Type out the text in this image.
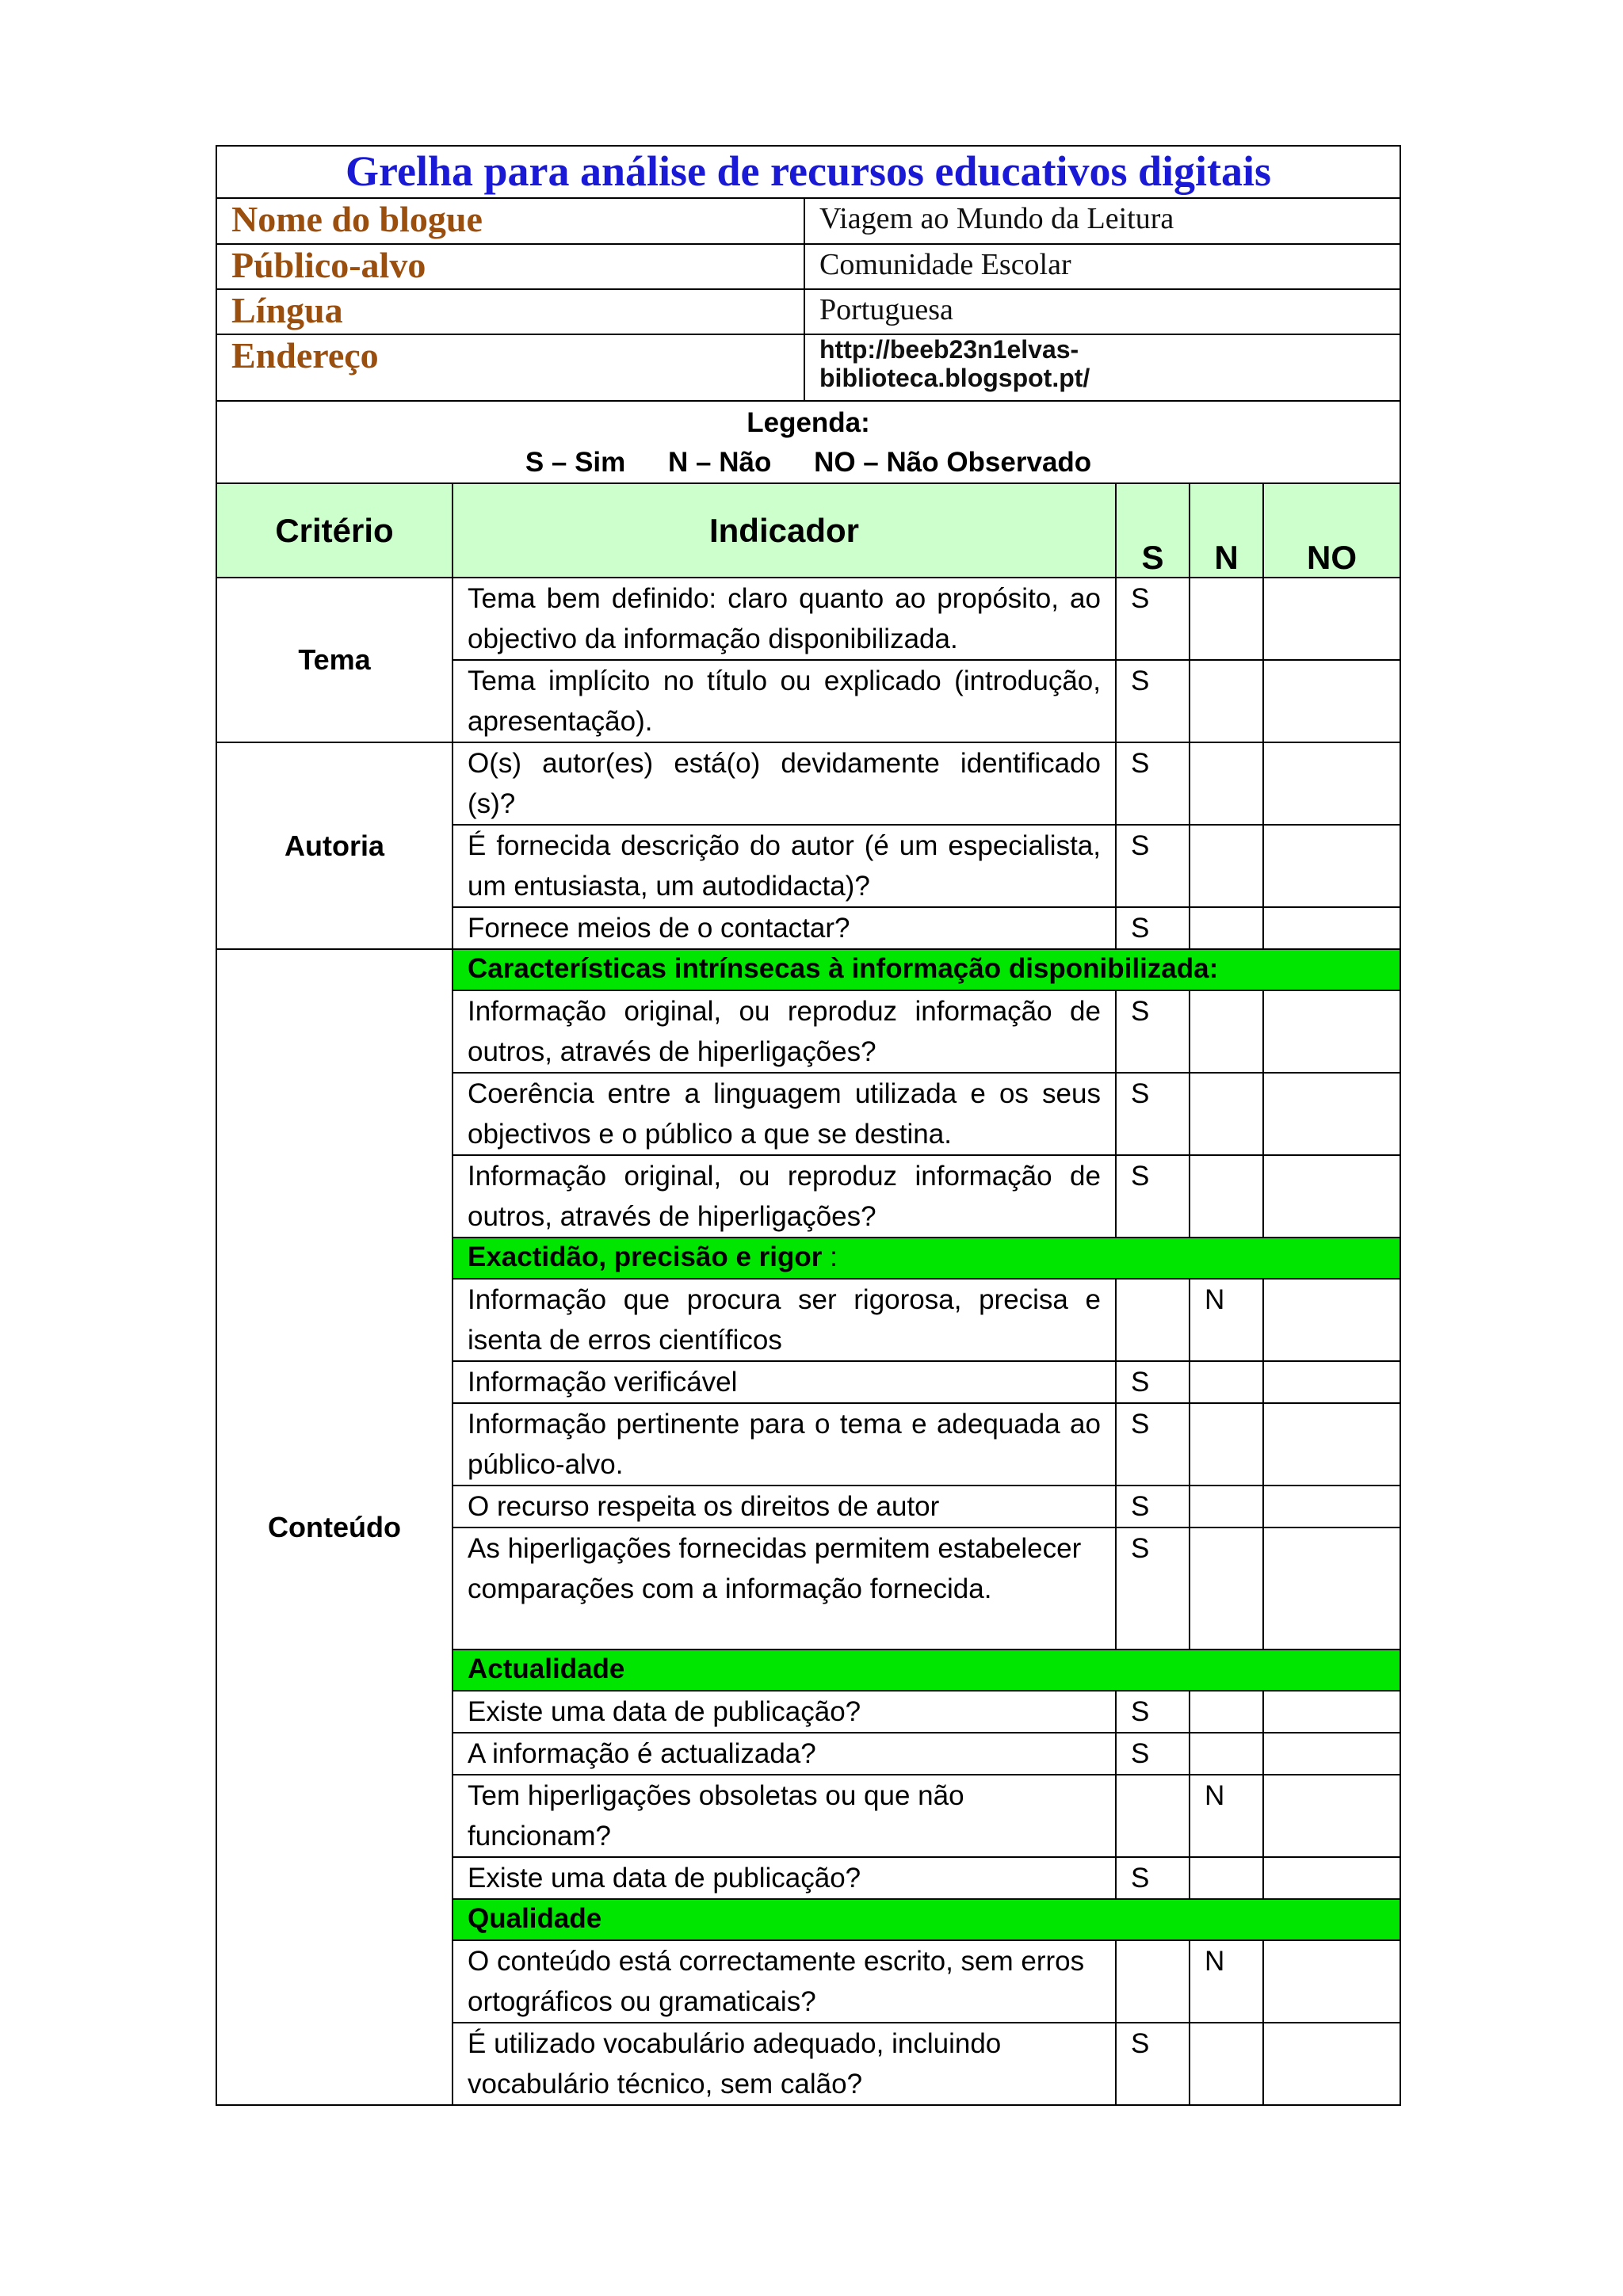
Grelha para análise de recursos educativos digitais	
Nome do blogue	Viagem ao Mundo da Leitura
Público-alvo	Comunidade Escolar
Língua	Portuguesa
Endereço	http://beeb23n1elvas-
biblioteca.blogspot.pt/

Legenda:
S – Sim N – Não NO – Não Observado	
Critério	Indicador	S	N	NO
Tema	Tema bem definido: claro quanto ao propósito, ao objectivo da informação disponibilizada.	S		
	Tema implícito no título ou explicado (introdução, apresentação).	S		
Autoria	O(s) autor(es) está(o) devidamente identificado (s)?	S		
	É fornecida descrição do autor (é um especialista, um entusiasta, um autodidacta)?	S		
	Fornece meios de o contactar?	S		
Conteúdo	Características intrínsecas à informação disponibilizada:			
	Informação original, ou reproduz informação de outros, através de hiperligações?	S		
	Coerência entre a linguagem utilizada e os seus objectivos e o público a que se destina.	S		
	Informação original, ou reproduz informação de outros, através de hiperligações?	S		
	Exactidão, precisão e rigor :			
	Informação que procura ser rigorosa, precisa e isenta de erros científicos		N	
	Informação verificável	S		
	Informação pertinente para o tema e adequada ao público-alvo.	S		
	O recurso respeita os direitos de autor	S		
	As hiperligações fornecidas permitem estabelecer comparações com a informação fornecida.	S		
	Actualidade			
	Existe uma data de publicação?	S		
	A informação é actualizada?	S		
	Tem hiperligações obsoletas ou que não funcionam?		N	
	Existe uma data de publicação?	S		
	Qualidade			
	O conteúdo está correctamente escrito, sem erros ortográficos ou gramaticais?		N	
	É utilizado vocabulário adequado, incluindo vocabulário técnico, sem calão?	S		
